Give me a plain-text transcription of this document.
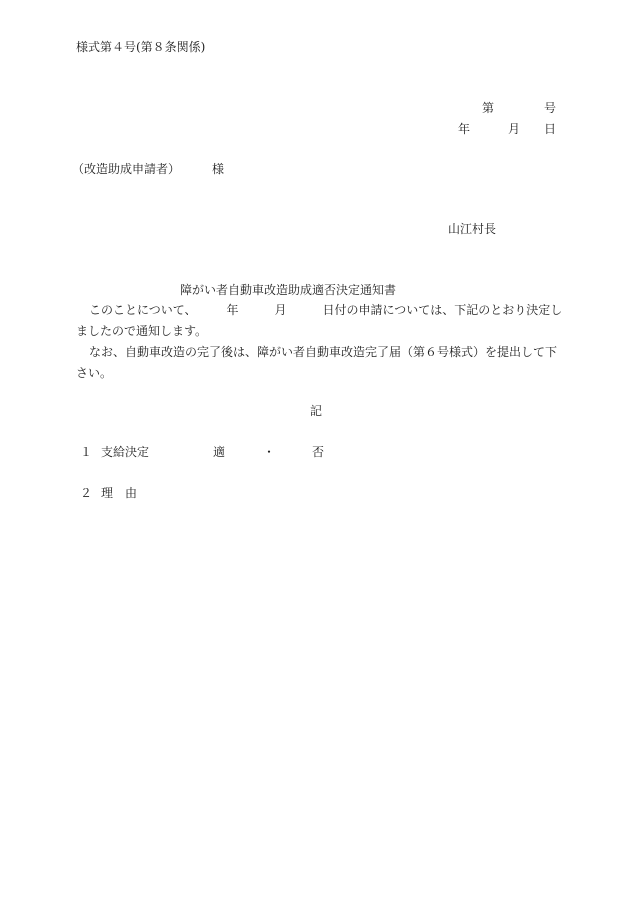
様式第４号(第８条関係)
第	号
年	月 日
（改造助成申請者）	様
山江村長
障がい者自動車改造助成適否決定通知書

このことについて、　　　年　　　月　　　日付の申請については、下記のとおり決定しましたので通知します。

なお、自動車改造の完了後は、障がい者自動車改造完了届（第６号様式）を提出して下さい。

記
１ 支給決定	適	・	否
２ 理　由
